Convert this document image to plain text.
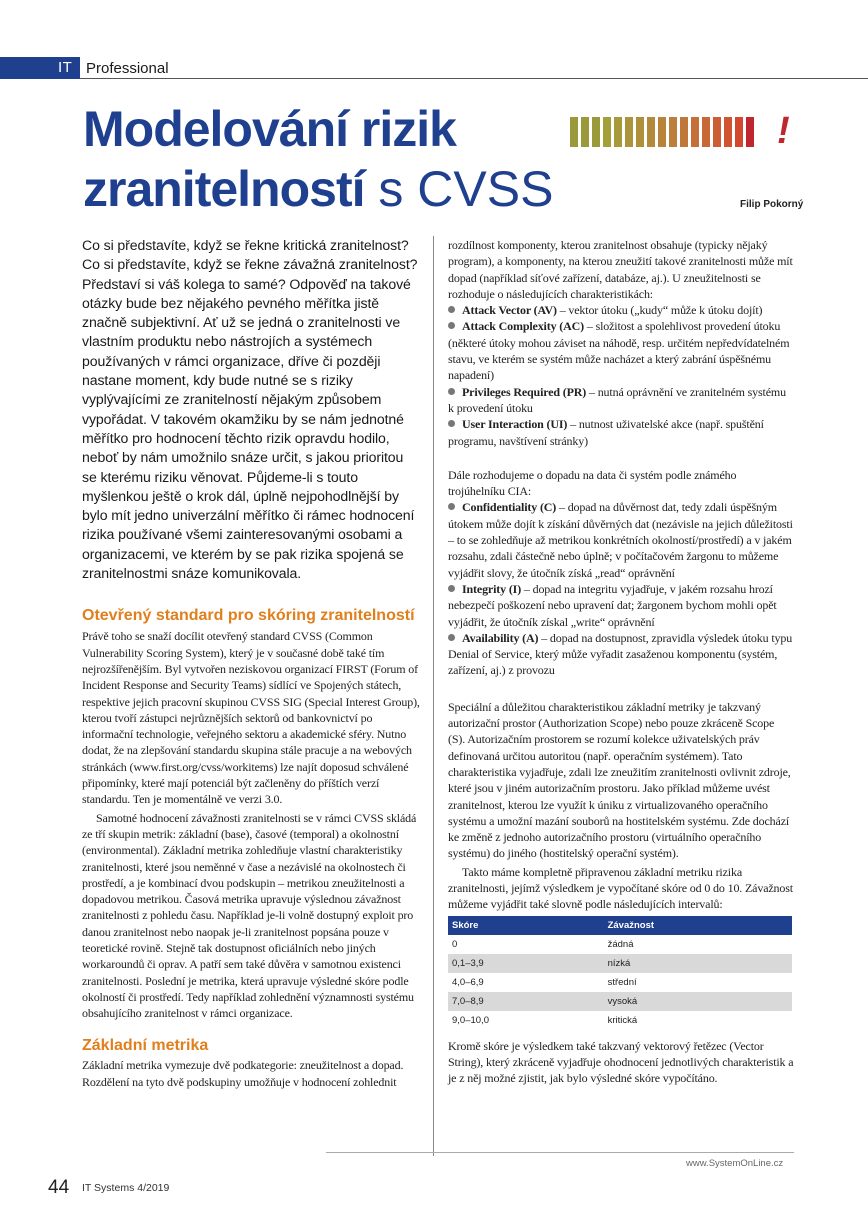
IT Professional
Modelování rizik	!
zranitelností s CVSS	Filip Pokorný

Co si představíte, když se řekne kritická zranitelnost? Co si představíte, když se řekne závažná zranitelnost? Představí si váš kolega to samé? Odpověď na takové otázky bude bez nějakého pevného měřítka jistě značně subjektivní. Ať už se jedná o zranitelnosti ve vlastním produktu nebo nástrojích a systémech používaných v rámci organizace, dříve či později nastane moment, kdy bude nutné se s riziky vyplývajícími ze zranitelností nějakým způsobem vypořádat. V takovém okamžiku by se nám jednotné měřítko pro hodnocení těchto rizik opravdu hodilo, neboť by nám umožnilo snáze určit, s jakou prioritou se kterému riziku věnovat. Půjdeme-li s touto myšlenkou ještě o krok dál, úplně nejpohodlnější by bylo mít jedno univerzální měřítko či rámec hodnocení rizika používané všemi zainteresovanými osobami a organizacemi, ve kterém by se pak rizika spojená se zranitelnostmi snáze komunikovala.

Otevřený standard pro skóring zranitelností

Právě toho se snaží docílit otevřený standard CVSS (Common Vulnerability Scoring System), který je v současné době také tím nejrozšířenějším. Byl vytvořen neziskovou organizací FIRST (Forum of Incident Response and Security Teams) sídlící ve Spojených státech, respektive jejich pracovní skupinou CVSS SIG (Special Interest Group), kterou tvoří zástupci nejrůznějších sektorů od bankovnictví po informační technologie, veřejného sektoru a akademické sféry. Nutno dodat, že na zlepšování standardu skupina stále pracuje a na webových stránkách (www.first.org/cvss/workitems) lze najít doposud schválené připomínky, které mají potenciál být začleněny do příštích verzí standardu. Ten je momentálně ve verzi 3.0.

Samotné hodnocení závažnosti zranitelnosti se v rámci CVSS skládá ze tří skupin metrik: základní (base), časové (temporal) a okolnostní (environmental). Základní metrika zohledňuje vlastní charakteristiky zranitelnosti, které jsou neměnné v čase a nezávislé na okolnostech či prostředí, a je kombinací dvou podskupin – metrikou zneužitelnosti a dopadovou metrikou. Časová metrika upravuje výslednou závažnost zranitelnosti z pohledu času. Například je-li volně dostupný exploit pro danou zranitelnost nebo naopak je-li zranitelnost popsána pouze v teoretické rovině. Stejně tak dostupnost oficiálních nebo jiných workaroundů či oprav. A patří sem také důvěra v samotnou existenci zranitelnosti. Poslední je metrika, která upravuje výsledné skóre podle okolností či prostředí. Tedy například zohlednění významnosti systému obsahujícího zranitelnost v rámci organizace.

Základní metrika

Základní metrika vymezuje dvě podkategorie: zneužitelnost a dopad. Rozdělení na tyto dvě podskupiny umožňuje v hodnocení zohlednit

rozdílnost komponenty, kterou zranitelnost obsahuje (typicky nějaký program), a komponenty, na kterou zneužití takové zranitelnosti může mít dopad (například síťové zařízení, databáze, aj.). U zneužitelnosti se rozhoduje o následujících charakteristikách:

Attack Vector (AV) – vektor útoku („kudy“ může k útoku dojít)

Attack Complexity (AC) – složitost a spolehlivost provedení útoku (některé útoky mohou záviset na náhodě, resp. určitém nepředvídatelném stavu, ve kterém se systém může nacházet a který zabrání úspěšnému napadení)

Privileges Required (PR) – nutná oprávnění ve zranitelném systému k provedení útoku

User Interaction (UI) – nutnost uživatelské akce (např. spuštění programu, navštívení stránky)

Dále rozhodujeme o dopadu na data či systém podle známého trojúhelníku CIA:

Confidentiality (C) – dopad na důvěrnost dat, tedy zdali úspěšným útokem může dojít k získání důvěrných dat (nezávisle na jejich důležitosti – to se zohledňuje až metrikou konkrétních okolností/prostředí) a v jakém rozsahu, zdali částečně nebo úplně; v počítačovém žargonu to můžeme vyjádřit slovy, že útočník získá „read“ oprávnění

Integrity (I) – dopad na integritu vyjadřuje, v jakém rozsahu hrozí nebezpečí poškození nebo upravení dat; žargonem bychom mohli opět vyjádřit, že útočník získal „write“ oprávnění

Availability (A) – dopad na dostupnost, zpravidla výsledek útoku typu Denial of Service, který může vyřadit zasaženou komponentu (systém, zařízení, aj.) z provozu

Speciální a důležitou charakteristikou základní metriky je takzvaný autorizační prostor (Authorization Scope) nebo pouze zkráceně Scope (S). Autorizačním prostorem se rozumí kolekce uživatelských práv definovaná určitou autoritou (např. operačním systémem). Tato charakteristika vyjadřuje, zdali lze zneužitím zranitelnosti ovlivnit zdroje, které jsou v jiném autorizačním prostoru. Jako příklad můžeme uvést zranitelnost, kterou lze využít k úniku z virtualizovaného operačního systému a umožní mazání souborů na hostitelském systému. Zde dochází ke změně z jednoho autorizačního prostoru (virtuálního operačního systému) do jiného (hostitelský operační systém).

Takto máme kompletně připravenou základní metriku rizika zranitelnosti, jejímž výsledkem je vypočítané skóre od 0 do 10. Závažnost můžeme vyjádřit také slovně podle následujících intervalů:

Skóre	Závažnost
0	žádná
0,1–3,9	nízká
4,0–6,9	střední
7,0–8,9	vysoká
9,0–10,0	kritická

Kromě skóre je výsledkem také takzvaný vektorový řetězec (Vector String), který zkráceně vyjadřuje ohodnocení jednotlivých charakteristik a je z něj možné zjistit, jak bylo výsledné skóre vypočítáno.

www.SystemOnLine.cz
44 IT Systems 4/2019
